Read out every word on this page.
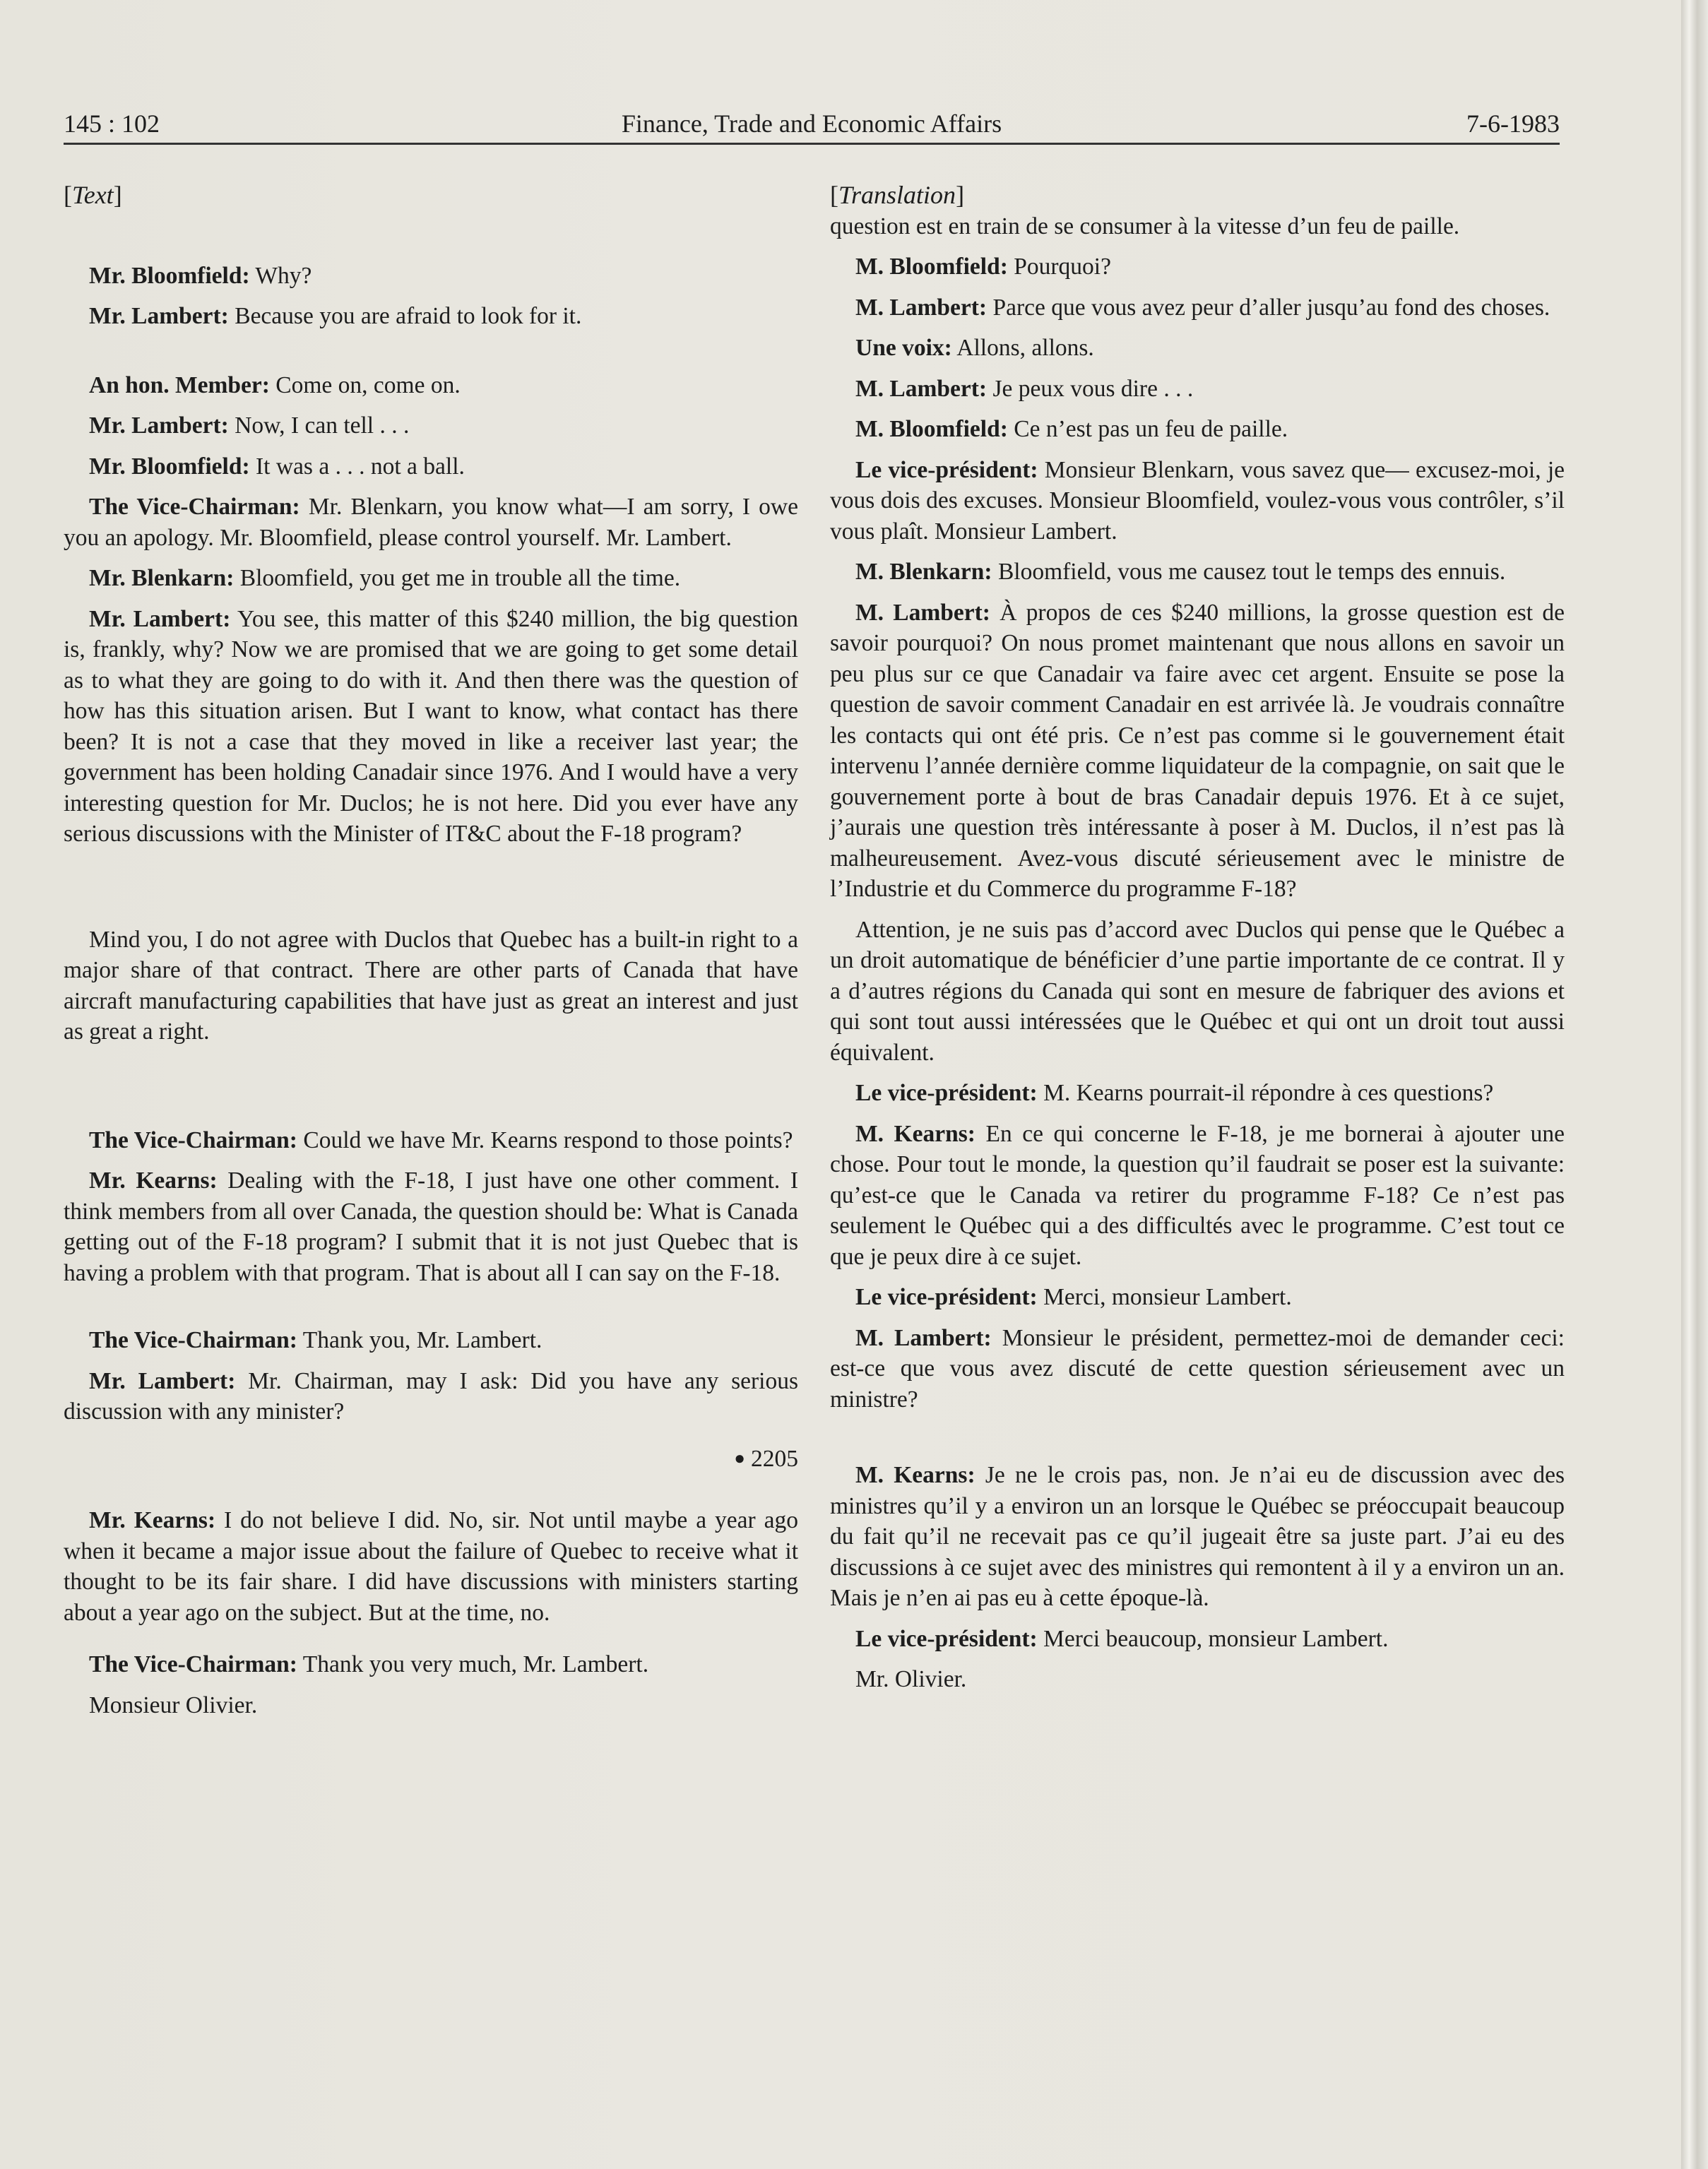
145 : 102	Finance, Trade and Economic Affairs	7-6-1983
[Text]

Mr. Bloomfield: Why?

Mr. Lambert: Because you are afraid to look for it.

An hon. Member: Come on, come on.

Mr. Lambert: Now, I can tell . . .

Mr. Bloomfield: It was a . . . not a ball.

The Vice-Chairman: Mr. Blenkarn, you know what—I am sorry, I owe you an apology. Mr. Bloomfield, please control yourself. Mr. Lambert.

Mr. Blenkarn: Bloomfield, you get me in trouble all the time.

Mr. Lambert: You see, this matter of this $240 million, the big question is, frankly, why? Now we are promised that we are going to get some detail as to what they are going to do with it. And then there was the question of how has this situation arisen. But I want to know, what contact has there been? It is not a case that they moved in like a receiver last year; the government has been holding Canadair since 1976. And I would have a very interesting question for Mr. Duclos; he is not here. Did you ever have any serious discussions with the Minister of IT&C about the F-18 program?

Mind you, I do not agree with Duclos that Quebec has a built-in right to a major share of that contract. There are other parts of Canada that have aircraft manufacturing capabilities that have just as great an interest and just as great a right.

The Vice-Chairman: Could we have Mr. Kearns respond to those points?

Mr. Kearns: Dealing with the F-18, I just have one other comment. I think members from all over Canada, the question should be: What is Canada getting out of the F-18 program? I submit that it is not just Quebec that is having a problem with that program. That is about all I can say on the F-18.

The Vice-Chairman: Thank you, Mr. Lambert.

Mr. Lambert: Mr. Chairman, may I ask: Did you have any serious discussion with any minister?

● 2205

Mr. Kearns: I do not believe I did. No, sir. Not until maybe a year ago when it became a major issue about the failure of Quebec to receive what it thought to be its fair share. I did have discussions with ministers starting about a year ago on the subject. But at the time, no.

The Vice-Chairman: Thank you very much, Mr. Lambert.

Monsieur Olivier.

[Translation]

question est en train de se consumer à la vitesse d’un feu de paille.

M. Bloomfield: Pourquoi?

M. Lambert: Parce que vous avez peur d’aller jusqu’au fond des choses.

Une voix: Allons, allons.

M. Lambert: Je peux vous dire . . .

M. Bloomfield: Ce n’est pas un feu de paille.

Le vice-président: Monsieur Blenkarn, vous savez que— excusez-moi, je vous dois des excuses. Monsieur Bloomfield, voulez-vous vous contrôler, s’il vous plaît. Monsieur Lambert.

M. Blenkarn: Bloomfield, vous me causez tout le temps des ennuis.

M. Lambert: À propos de ces $240 millions, la grosse question est de savoir pourquoi? On nous promet maintenant que nous allons en savoir un peu plus sur ce que Canadair va faire avec cet argent. Ensuite se pose la question de savoir comment Canadair en est arrivée là. Je voudrais connaître les contacts qui ont été pris. Ce n’est pas comme si le gouvernement était intervenu l’année dernière comme liquidateur de la compagnie, on sait que le gouvernement porte à bout de bras Canadair depuis 1976. Et à ce sujet, j’aurais une question très intéressante à poser à M. Duclos, il n’est pas là malheureusement. Avez-vous discuté sérieusement avec le ministre de l’Industrie et du Commerce du programme F-18?

Attention, je ne suis pas d’accord avec Duclos qui pense que le Québec a un droit automatique de bénéficier d’une partie importante de ce contrat. Il y a d’autres régions du Canada qui sont en mesure de fabriquer des avions et qui sont tout aussi intéressées que le Québec et qui ont un droit tout aussi équivalent.

Le vice-président: M. Kearns pourrait-il répondre à ces questions?

M. Kearns: En ce qui concerne le F-18, je me bornerai à ajouter une chose. Pour tout le monde, la question qu’il faudrait se poser est la suivante: qu’est-ce que le Canada va retirer du programme F-18? Ce n’est pas seulement le Québec qui a des difficultés avec le programme. C’est tout ce que je peux dire à ce sujet.

Le vice-président: Merci, monsieur Lambert.

M. Lambert: Monsieur le président, permettez-moi de demander ceci: est-ce que vous avez discuté de cette question sérieusement avec un ministre?

M. Kearns: Je ne le crois pas, non. Je n’ai eu de discussion avec des ministres qu’il y a environ un an lorsque le Québec se préoccupait beaucoup du fait qu’il ne recevait pas ce qu’il jugeait être sa juste part. J’ai eu des discussions à ce sujet avec des ministres qui remontent à il y a environ un an. Mais je n’en ai pas eu à cette époque-là.

Le vice-président: Merci beaucoup, monsieur Lambert.

Mr. Olivier.
